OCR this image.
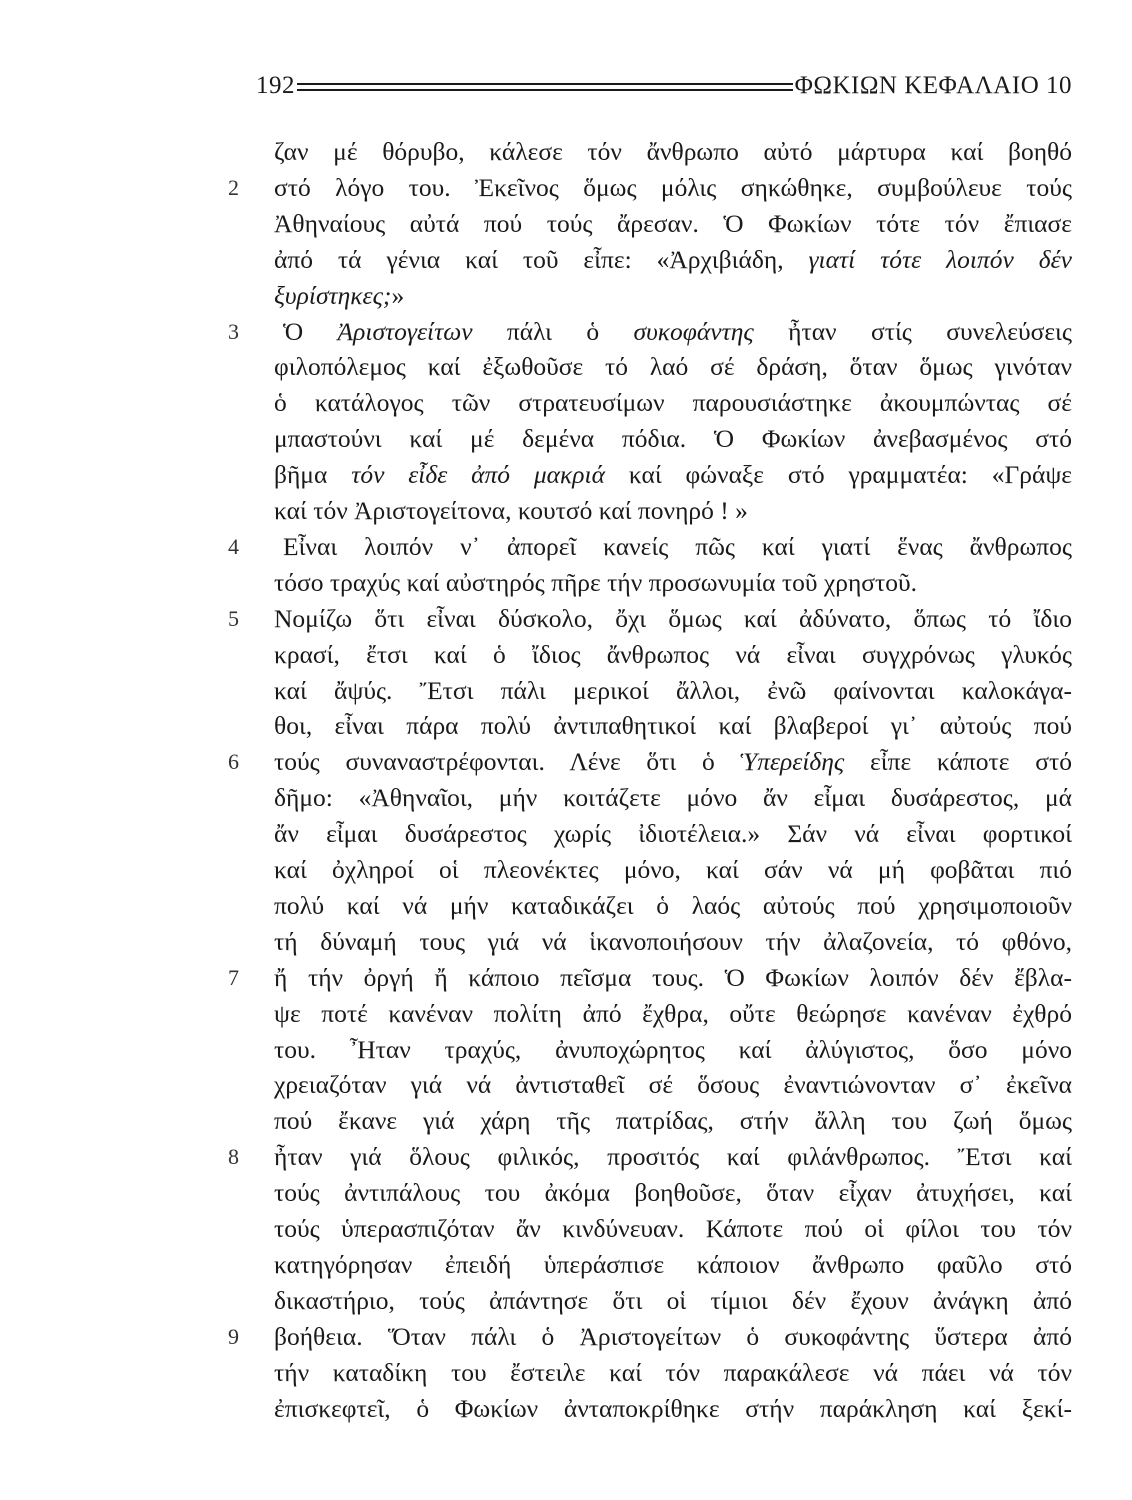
192	ΦΩΚΙΩΝ ΚΕΦΑΛΑΙΟ 10
ζαν μέ θόρυβο, κάλεσε τόν ἄνθρωπο αὐτό μάρτυρα καί βοηθό
στό λόγο του. Ἐκεῖνος ὅμως μόλις σηκώθηκε, συμβούλευε τούς
Ἀθηναίους αὐτά πού τούς ἄρεσαν. Ὁ Φωκίων τότε τόν ἔπιασε
ἀπό τά γένια καί τοῦ εἶπε: «Ἀρχιβιάδη, γιατί τότε λοιπόν δέν
ξυρίστηκες;»
Ὁ Ἀριστογείτων πάλι ὁ συκοφάντης ἦταν στίς συνελεύσεις
φιλοπόλεμος καί ἐξωθοῦσε τό λαό σέ δράση, ὅταν ὅμως γινόταν
ὁ κατάλογος τῶν στρατευσίμων παρουσιάστηκε ἀκουμπώντας σέ
μπαστούνι καί μέ δεμένα πόδια. Ὁ Φωκίων ἀνεβασμένος στό
βῆμα τόν εἶδε ἀπό μακριά καί φώναξε στό γραμματέα: «Γράψε
καί τόν Ἀριστογείτονα, κουτσό καί πονηρό ! »
Εἶναι λοιπόν ν᾽ ἀπορεῖ κανείς πῶς καί γιατί ἕνας ἄνθρωπος
τόσο τραχύς καί αὐστηρός πῆρε τήν προσωνυμία τοῦ χρηστοῦ.
Νομίζω ὅτι εἶναι δύσκολο, ὄχι ὅμως καί ἀδύνατο, ὅπως τό ἴδιο
κρασί, ἔτσι καί ὁ ἴδιος ἄνθρωπος νά εἶναι συγχρόνως γλυκός
καί ἄψύς. Ἔτσι πάλι μερικοί ἄλλοι, ἐνῶ φαίνονται καλοκάγα-
θοι, εἶναι πάρα πολύ ἀντιπαθητικοί καί βλαβεροί γι᾽ αὐτούς πού
τούς συναναστρέφονται. Λένε ὅτι ὁ Ὑπερείδης εἶπε κάποτε στό
δῆμο: «Ἀθηναῖοι, μήν κοιτάζετε μόνο ἄν εἶμαι δυσάρεστος, μά
ἄν εἶμαι δυσάρεστος χωρίς ἰδιοτέλεια.» Σάν νά εἶναι φορτικοί
καί ὀχληροί οἱ πλεονέκτες μόνο, καί σάν νά μή φοβᾶται πιό
πολύ καί νά μήν καταδικάζει ὁ λαός αὐτούς πού χρησιμοποιοῦν
τή δύναμή τους γιά νά ἱκανοποιήσουν τήν ἀλαζονεία, τό φθόνο,
ἤ τήν ὀργή ἤ κάποιο πεῖσμα τους. Ὁ Φωκίων λοιπόν δέν ἔβλα-
ψε ποτέ κανέναν πολίτη ἀπό ἔχθρα, οὔτε θεώρησε κανέναν ἐχθρό
του. Ἦταν τραχύς, ἀνυποχώρητος καί ἀλύγιστος, ὅσο μόνο
χρειαζόταν γιά νά ἀντισταθεῖ σέ ὅσους ἐναντιώνονταν σ᾽ ἐκεῖνα
πού ἔκανε γιά χάρη τῆς πατρίδας, στήν ἄλλη του ζωή ὅμως
ἦταν γιά ὅλους φιλικός, προσιτός καί φιλάνθρωπος. Ἔτσι καί
τούς ἀντιπάλους του ἀκόμα βοηθοῦσε, ὅταν εἶχαν ἀτυχήσει, καί
τούς ὑπερασπιζόταν ἄν κινδύνευαν. Κάποτε πού οἱ φίλοι του τόν
κατηγόρησαν ἐπειδή ὑπεράσπισε κάποιον ἄνθρωπο φαῦλο στό
δικαστήριο, τούς ἀπάντησε ὅτι οἱ τίμιοι δέν ἔχουν ἀνάγκη ἀπό
βοήθεια. Ὅταν πάλι ὁ Ἀριστογείτων ὁ συκοφάντης ὕστερα ἀπό
τήν καταδίκη του ἔστειλε καί τόν παρακάλεσε νά πάει νά τόν
ἐπισκεφτεῖ, ὁ Φωκίων ἀνταποκρίθηκε στήν παράκληση καί ξεκί-
2
3
4
5
6
7
8
9
